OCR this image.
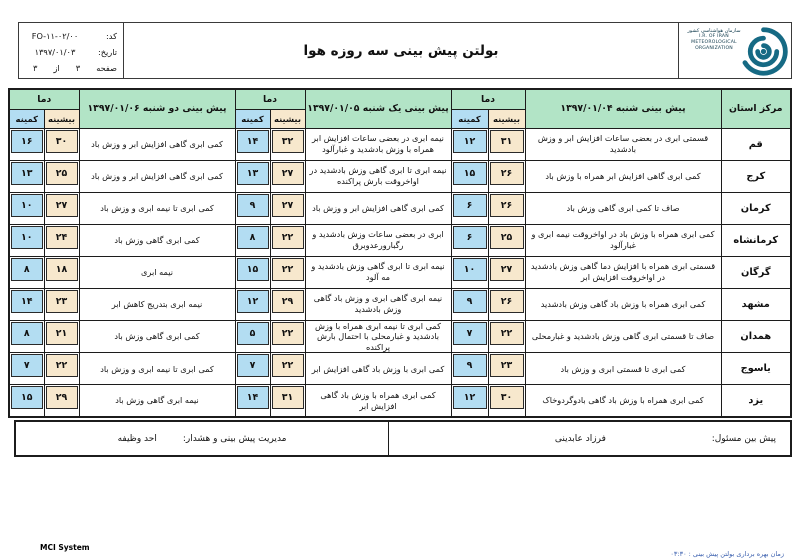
سازمان هواشناسی کشور
I.R. OF IRAN
METEOROLOGICAL
ORGANIZATION
بولتن پیش بینی سه روزه هوا
کد:
FO-۱۱-۰۲/۰۰
تاریخ:
۱۳۹۷/۰۱/۰۳
صفحه
۳
از
۳
مرکز استان	پیش بینی شنبه ۱۳۹۷/۰۱/۰۴	دما		پیش بینی یک شنبه ۱۳۹۷/۰۱/۰۵	دما		پیش بینی دو شنبه ۱۳۹۷/۰۱/۰۶	دما	
		بیشینه	کمینه		بیشینه	کمینه		بیشینه	کمینه
قم	قسمتی ابری در بعضی ساعات افزایش ابر و وزش بادشدید	۳۱	۱۲	نیمه ابری در بعضی ساعات افزایش ابر همراه با وزش بادشدید و غبارآلود	۳۲	۱۴	کمی ابری گاهی افزایش ابر و وزش باد	۳۰	۱۶

کرج	کمی ابری گاهی افزایش ابر همراه با وزش باد	۲۶	۱۵	نیمه ابری تا ابری گاهی وزش بادشدید در اواخروقت بارش پراکنده	۲۷	۱۳	کمی ابری گاهی افزایش ابر و وزش باد	۲۵	۱۳

کرمان	صاف تا کمی ابری گاهی وزش باد	۲۶	۶	کمی ابری گاهی افزایش ابر و وزش باد	۲۷	۹	کمی ابری تا نیمه ابری و وزش باد	۲۷	۱۰

کرمانشاه	کمی ابری همراه با وزش باد در اواخروقت نیمه ابری و غبارآلود	۲۵	۶	ابری در بعضی ساعات وزش بادشدید و رگبارورعدوبرق	۲۲	۸	کمی ابری گاهی وزش باد	۲۴	۱۰

گرگان	قسمتی ابری همراه با افزایش دما گاهی وزش بادشدید در اواخروقت افزایش ابر	۲۷	۱۰	نیمه ابری تا ابری گاهی وزش بادشدید و مه آلود	۲۲	۱۵	نیمه ابری	۱۸	۸

مشهد	کمی ابری همراه با وزش باد گاهی وزش بادشدید	۲۶	۹	نیمه ابری گاهی ابری و وزش باد گاهی وزش بادشدید	۲۹	۱۲	نیمه ابری بتدریج کاهش ابر	۲۳	۱۴

همدان	صاف تا قسمتی ابری گاهی وزش بادشدید و غبارمحلی	۲۲	۷	کمی ابری تا نیمه ابری همراه با وزش بادشدید و غبارمحلی با احتمال بارش پراکنده	۲۲	۵	کمی ابری گاهی وزش باد	۲۱	۸

یاسوج	کمی ابری تا قسمتی ابری و وزش باد	۲۳	۹	کمی ابری با وزش باد گاهی افزایش ابر	۲۲	۷	کمی ابری تا نیمه ابری و وزش باد	۲۲	۷

یزد	کمی ابری همراه با وزش باد گاهی بادوگردوخاک	۳۰	۱۲	کمی ابری همراه با وزش باد گاهی افزایش ابر	۳۱	۱۴	نیمه ابری گاهی وزش باد	۲۹	۱۵
پیش بین مسئول:
فرزاد عابدینی
مدیریت پیش بینی و هشدار:
احد وظیفه
MCI System
زمان بهره برداری بولتن پیش بینی : ۰۳:۳۰
